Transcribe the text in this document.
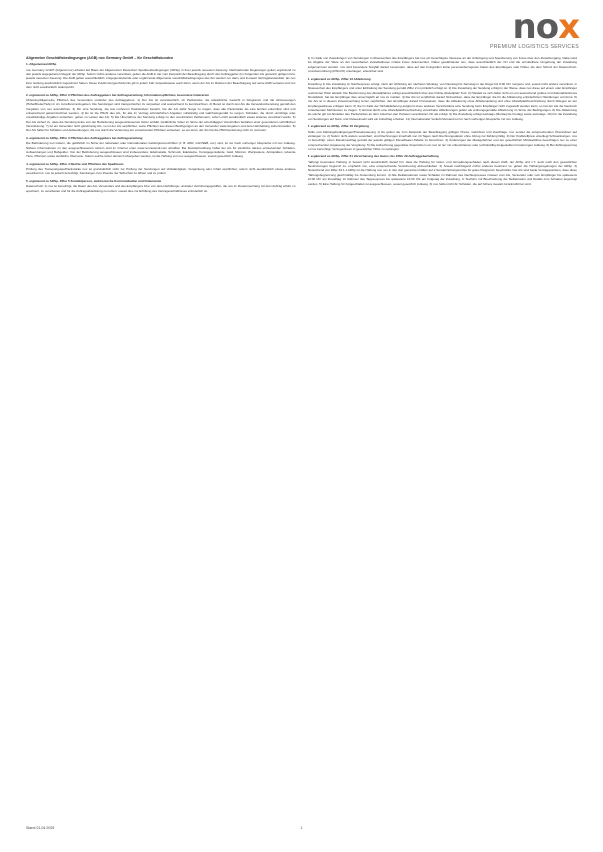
nox
PREMIUM LOGISTICS SERVICES
Allgemeine Geschäftsbedingungen (AGB) nox Germany GmbH – für Geschäftskunden
1. Allgemeines/ADSp

nox Germany GmbH (folgend nox) arbeitet auf Basis der Allgemeinen Deutschen Spediteurbedingungen (ADSp) in ihrer jeweils neuesten Fassung. Nachstehende Regelungen gelten ergänzend zu den jeweils angegebenen Regeln der ADSp. Sofern nichts anderes vereinbart, gelten die AGB in der zum Zeitpunkt der Beauftragung durch den Auftraggeber (im Folgenden AG genannt) gültigen bzw. jeweils neuesten Fassung. Die AGB gelten ausschließlich; entgegenstehende oder ergänzende Allgemeine Geschäftsbedingungen des AG werden nur dann und insoweit Vertragsbestandteil, als nox ihrer Geltung ausdrücklich zugestimmt haben. Diese Zustimmungserfordernis gilt in jedem Fall, beispielsweise auch dann, wenn der AG im Rahmen der Beauftragung auf seine AGB verweist und nox dem nicht ausdrücklich widerspricht.

2. ergänzend zu ADSp, Ziffer 3 Pflichten des Auftraggebers bei Auftragserteilung; Informationspflichten, besondere Güterarten

Abholung/Allgemeine Pflichten des Versenders und/oder des Auftraggebers. 1) Der AG ist verantwortlich, ob Packstücke, die tatsächliche Gewicht in Kilogramm und die Abmessungen (Höhe/Breite/Tiefe) in cm zutreffend anzugeben. Die Sendungen sind transportsicher zu verpacken und ausreichend zu kennzeichnen. 2) Bereit ist durch den AG die Versandvorbereitung gemäß den Vorgaben von nox auszuführen. 3) Für eine Sendung, die aus mehreren Packstücken besteht, hat der AG dafür Sorge zu tragen, dass alle Packstücke als eine Einheit erkennbar sind und entsprechend gekennzeichnet werden. 4) Es ist die Pflicht des AG, für alle im Vertrag erforderlichen Angaben vollständig und wahrheitsgemäß zu sorgen. Schäden, die durch unrichtige oder unvollständige Angaben entstehen, gehen zu Lasten des AG. 5) Die Übernahme der Sendung erfolgt zu den vereinbarten Zeitfenstern, sofern nicht ausdrücklich etwas anderes vereinbart wurde. 6) Der AG sichert zu, dass die Sendung keine von der Beförderung ausgeschlossenen Güter enthält. Gefährliche Güter im Sinne der einschlägigen Vorschriften bedürfen einer gesonderten schriftlichen Vereinbarung. 7) Ist ein Versender nicht gleichzeitig AG, so ist der AG verpflichtet, seine Pflichten aus diesen Bedingungen an den Versender weiterzugeben und deren Einhaltung sicherzustellen. 8) Der AG haftet für Schäden und Aufwendungen, die nox durch die Verletzung der vorstehenden Pflichten entstehen, es sei denn, der AG hat die Pflichtverletzung nicht zu vertreten.

3. ergänzend zu ADSp, Ziffer 3 Pflichten des Auftraggebers bei Auftragserteilung

Die Beförderung von Gütern, die gefährlich im Sinne der nationalen oder internationalen Gefahrgutvorschriften (z. B. ADR, GGVSEB, etc.) sind, ist nur nach vorheriger Absprache mit nox zulässig. Nähere Informationen zu den ausgeschlossenen Gütern sind im Internet unter www.noxnetwork.com abrufbar. Bei Zuwiderhandlung haftet der AG für sämtliche daraus entstehenden Schäden, Aufwendungen und Bußgelder. Von der Beförderung ausgeschlossen sind insbesondere: Edelmetalle, Schmuck, Edelsteine, Kunstgegenstände, Geld, Münzen, Wertpapiere, Antiquitäten, lebende Tiere, Pflanzen sowie sterbliche Überreste. Sofern solche Güter dennoch übergeben werden, ist die Haftung von nox ausgeschlossen, soweit gesetzlich zulässig.

4. ergänzend zu ADSp, Ziffer 4 Rechte und Pflichten des Spediteurs

Prüfung des Transportgutes/Packstücke nox ist grundsätzlich nicht zur Prüfung der Sendungen auf Vollständigkeit, Verpackung oder Inhalt verpflichtet, sofern nicht ausdrücklich etwas anderes vereinbart ist. nox ist jedoch berechtigt, Sendungen zum Zwecke der Sicherheit zu öffnen und zu prüfen.

5. ergänzend zu ADSp, Ziffer 5 Kontaktperson, elektronische Kommunikation und Dokumente

Datenschutz: 1) nox ist berechtigt, die Daten des AG, Versenders und des Empfängers bzw. von deren Erfüllungs- und/oder Verrichtungsgehilfen, die nox im Zusammenhang mit dem Auftrag erhält, zu speichern, zu verarbeiten und für die Auftragsabwicklung zu nutzen, soweit dies zur Erfüllung des Vertragsverhältnisses erforderlich ist.

2) Im Falle von Zustellungen von Sendungen in Abwesenheit des Empfängers hat nox ein berechtigtes Interesse an der Anfertigung und Speicherung von Fotos über den Zustellvorgang. Dabei wird die Abgabe der Ware an der vereinbarten Zustelladresse mittels Fotos dokumentiert. Dabei gewährleistet nox, dass ausschließlich der Ort und die unmittelbare Umgebung der Zustellung aufgenommen werden. nox wird besondere Sorgfalt darauf verwenden, dass auf den Fotografien keine personenbezogenen Daten des Empfängers oder Dritter, die dem Schutz der Datenschutz-Grundverordnung (DSGVO) unterliegen, erkennbar sind.

6. ergänzend zu ADSp, Ziffer 13 Ablieferung

Zustellung 1) Die Zustellung im Nachtexpress erfolgt, nach der Abholung am nächsten Werktag, von Dienstag bis Samstag in der Regel bis 8:00 Uhr morgens und, soweit nicht anders vereinbart, in Abwesenheit des Empfängers und unter Einhaltung der Sendung gemäß Ziffer 2 ist pünktlich erfolgt ist. 2) Die Zustellung der Sendung erfolgt in der Weise, dass nox diese auf einem oder Empfänger bestimmten Platz abstellt. Die Bestimmung des Abstellplatzes erfolgt ausschließlich über das Online-Abstellplatz Tool. 3) Handelt es sich dabei nicht um ein ausreichend großes und diebstahlsicheres Abstellplatz, hat der Empfänger dies unverzüglich an nox zu melden. 4) Der AG ist verpflichtet darauf hinzuwirken, dass der Empfänger die für die Ablieferung erforderlichen Handlungen vornimmt. 5) Der AG ist in diesem Zusammenhang ferner verpflichtet, den Empfänger darauf hinzuweisen, dass die Ablieferung ohne Ablieferquittung und ohne Abstellplatzbeschreibung durch Ablegen an der Empfangsadresse erfolgen kann. 6) Sie im Falle der Nichtablieferung aufgrund eines anderen Verschuldens eine Sendung beim Empfänger nicht zugestellt werden kann, so hat der AG die hierdurch entstehenden Mehrkosten zu tragen. 7) Einmal durch eine Abstellplatzbeschreibung vereinbarte Ablieferungen gelten als ordnungsgemäße Ablieferung im Sinne der Bedingungen. 8) Die Ablieferung als solche gilt mit Abstellen des Packstückes an dem zwischen den Parteien vereinbarten Ort als erfolgt. 9) Die Zustellung erfolgt werktags (Montag bis Freitag) sowie samstags. 10) Für die Zustellung von Sendungen auf Nord- und Ostseeinseln wird ein Aufschlag erhoben. 11) Internationaler Verkehr/Versand ist nur nach vorheriger Absprache mit nox zulässig.

7. ergänzend zu ADSp, Ziffer 16 Vergütung

Tarife und Zahlungsbedingungen/Preisanpassung 1) Es gelten die zum Zeitpunkt der Beauftragung gültigen Preise, Gebühren und Zuschläge. nox sendet die entsprechenden Übersichten auf Verlangen zu. 2) Sofern nicht anders vereinbart, sind Rechnungen innerhalb von 14 Tagen nach Rechnungsdatum ohne Abzug zur Zahlung fällig. 3) Der Kraftstoffpreis unterliegt Schwankungen. nox ist berechtigt, einen Dieselzuschlag gemäß der jeweils gültigen Dieselfloater-Tabelle zu berechnen. 4) Änderungen der Mautgebühren und der gesetzlichen Mindestlöhne berechtigen nox zu einer entsprechenden Anpassung der Vergütung. 5) Die Aufrechnung gegenüber Ansprüchen von nox ist nur mit unbestrittenen oder rechtskräftig festgestellten Forderungen zulässig. 6) Bei Zahlungsverzug ist nox berechtigt, Verzugszinsen in gesetzlicher Höhe zu verlangen.

8. ergänzend zu ADSp, Ziffer 21 Versicherung des Gutes; bis Ziffer 29 Auftraggeberhaftung

Haftung/ besondere Haftung 1) Soweit nicht ausdrücklich darauf hin, dass die Haftung für Güter- und Verspätungsschäden nach diesen AGB, der ADSp und z.T. auch nach den gesetzlichen Bestimmungen begrenzt ist, empfiehlt nox, eine entsprechende Versicherung abzuschließen. 2) Soweit nachfolgend nichts anderes bestimmt ist, gelten die Haftungsregelungen der ADSp. 3) Abweichend von Ziffer 23.1.1 ADSp ist die Haftung von nox in den dort genannten Fällen auf 2 Sonderziehungsrechte für jedes Kilogramm beschränkt. Der AG sind beide Vertragsparteien, dass diese Haftungsbegrenzung gleichmäßig zur Anwendung kommt. 4) Alle Reklamationen sowie Schäden im Rahmen des Nachtexpresses müssen vom AG, Versender oder vom Empfänger bis spätestens 12:00 Uhr am Zustelltag, im Rahmen des Tagesexpress bis spätestens 12:00 Uhr am Folgetag der Zustellung, in Textform mit Beschreibung der Reklamation und Details zum Schaden angezeigt werden. 5) Eine Haftung für Folgeschäden ist ausgeschlossen, soweit gesetzlich zulässig. 6) nox haftet nicht für Schäden, die auf höhere Gewalt zurückzuführen sind.

Stand 01.04.2025	1
